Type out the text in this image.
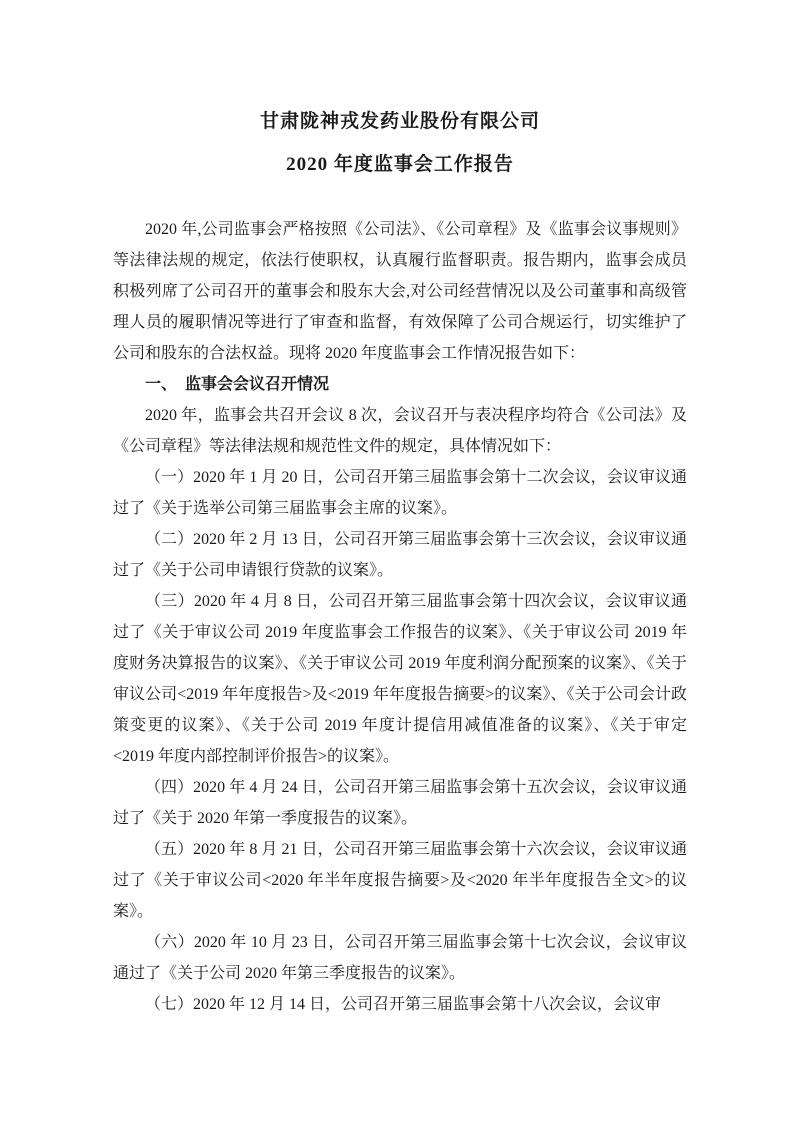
甘肃陇神戎发药业股份有限公司
2020 年度监事会工作报告

2020 年,公司监事会严格按照《公司法》、《公司章程》及《监事会议事规则》等法律法规的规定，依法行使职权，认真履行监督职责。报告期内，监事会成员积极列席了公司召开的董事会和股东大会,对公司经营情况以及公司董事和高级管理人员的履职情况等进行了审查和监督，有效保障了公司合规运行，切实维护了公司和股东的合法权益。现将 2020 年度监事会工作情况报告如下：

一、　监事会会议召开情况

2020 年，监事会共召开会议 8 次，会议召开与表决程序均符合《公司法》及《公司章程》等法律法规和规范性文件的规定，具体情况如下：

（一）2020 年 1 月 20 日，公司召开第三届监事会第十二次会议，会议审议通过了《关于选举公司第三届监事会主席的议案》。

（二）2020 年 2 月 13 日，公司召开第三届监事会第十三次会议，会议审议通过了《关于公司申请银行贷款的议案》。

（三）2020 年 4 月 8 日，公司召开第三届监事会第十四次会议，会议审议通过了《关于审议公司 2019 年度监事会工作报告的议案》、《关于审议公司 2019 年度财务决算报告的议案》、《关于审议公司 2019 年度利润分配预案的议案》、《关于审议公司<2019 年年度报告>及<2019 年年度报告摘要>的议案》、《关于公司会计政策变更的议案》、《关于公司 2019 年度计提信用减值准备的议案》、《关于审定<2019 年度内部控制评价报告>的议案》。

（四）2020 年 4 月 24 日，公司召开第三届监事会第十五次会议，会议审议通过了《关于 2020 年第一季度报告的议案》。

（五）2020 年 8 月 21 日，公司召开第三届监事会第十六次会议，会议审议通过了《关于审议公司<2020 年半年度报告摘要>及<2020 年半年度报告全文>的议案》。

（六）2020 年 10 月 23 日，公司召开第三届监事会第十七次会议，会议审议通过了《关于公司 2020 年第三季度报告的议案》。

（七）2020 年 12 月 14 日，公司召开第三届监事会第十八次会议，会议审
